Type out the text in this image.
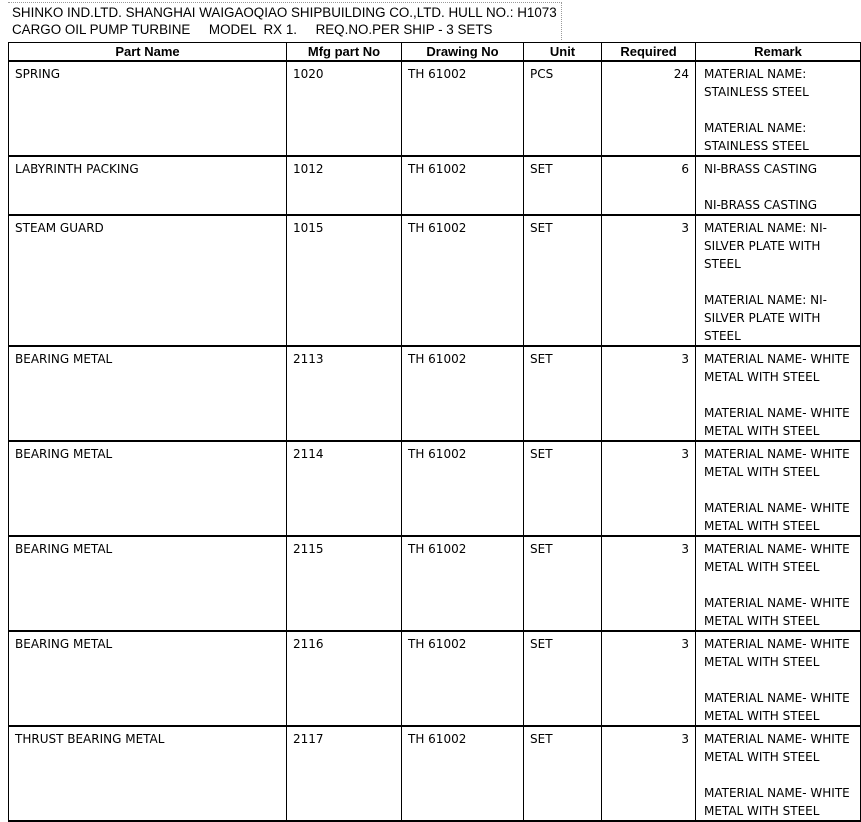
SHINKO IND.LTD. SHANGHAI WAIGAOQIAO SHIPBUILDING CO.,LTD. HULL NO.: H1073
CARGO OIL PUMP TURBINE     MODEL  RX 1.     REQ.NO.PER SHIP - 3 SETS
Part Name	Mfg part No	Drawing No	Unit	Required	Remark
SPRING	1020	TH 61002	PCS	24	MATERIAL NAME: STAINLESS STEEL
MATERIAL NAME: STAINLESS STEEL

LABYRINTH PACKING	1012	TH 61002	SET	6	NI-BRASS CASTING
NI-BRASS CASTING

STEAM GUARD	1015	TH 61002	SET	3	MATERIAL NAME: NI-SILVER PLATE WITH STEEL
MATERIAL NAME: NI-SILVER PLATE WITH STEEL

BEARING METAL	2113	TH 61002	SET	3	MATERIAL NAME- WHITE METAL WITH STEEL
MATERIAL NAME- WHITE METAL WITH STEEL

BEARING METAL	2114	TH 61002	SET	3	MATERIAL NAME- WHITE METAL WITH STEEL
MATERIAL NAME- WHITE METAL WITH STEEL

BEARING METAL	2115	TH 61002	SET	3	MATERIAL NAME- WHITE METAL WITH STEEL
MATERIAL NAME- WHITE METAL WITH STEEL

BEARING METAL	2116	TH 61002	SET	3	MATERIAL NAME- WHITE METAL WITH STEEL
MATERIAL NAME- WHITE METAL WITH STEEL

THRUST BEARING METAL	2117	TH 61002	SET	3	MATERIAL NAME- WHITE METAL WITH STEEL
MATERIAL NAME- WHITE METAL WITH STEEL
